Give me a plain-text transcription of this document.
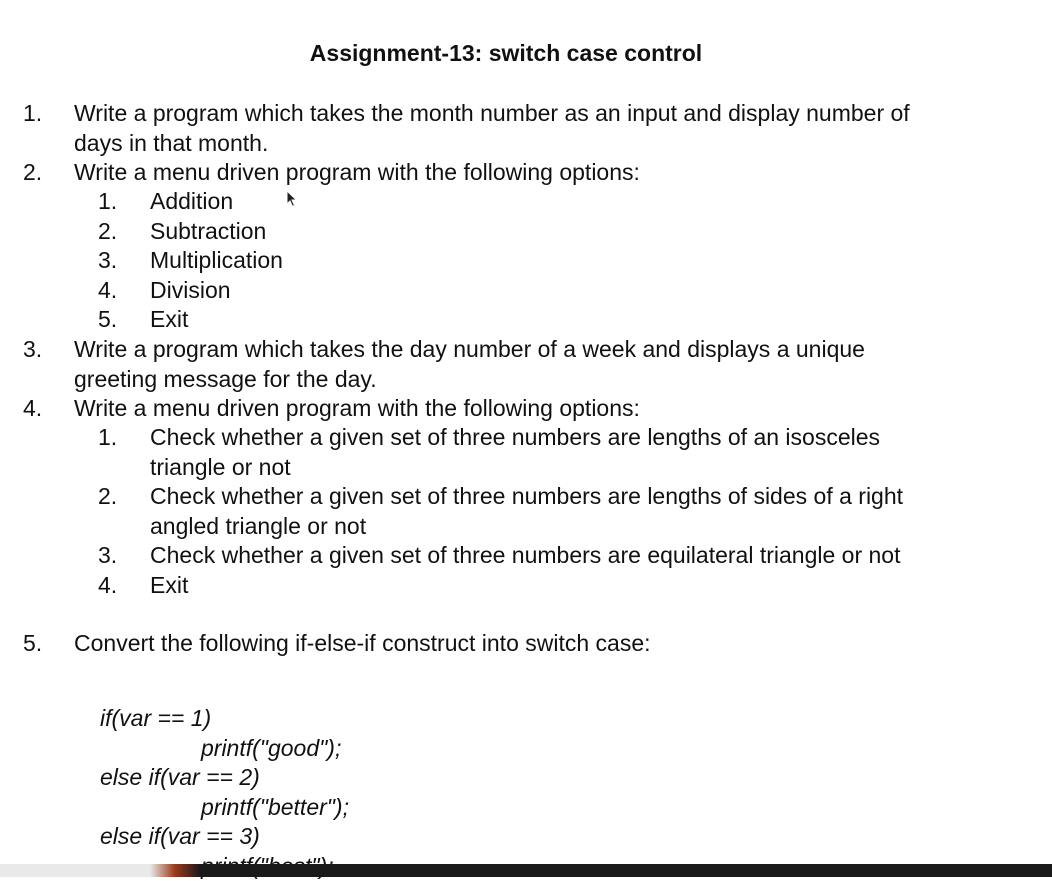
Assignment-13: switch case control
1. Write a program which takes the month number as an input and display number of
days in that month.
2. Write a menu driven program with the following options:
1. Addition
2. Subtraction
3. Multiplication
4. Division
5. Exit
3. Write a program which takes the day number of a week and displays a unique
greeting message for the day.
4. Write a menu driven program with the following options:
1. Check whether a given set of three numbers are lengths of an isosceles
triangle or not
2. Check whether a given set of three numbers are lengths of sides of a right
angled triangle or not
3. Check whether a given set of three numbers are equilateral triangle or not
4. Exit
5. Convert the following if-else-if construct into switch case:
if(var == 1)
printf("good");
else if(var == 2)
printf("better");
else if(var == 3)
